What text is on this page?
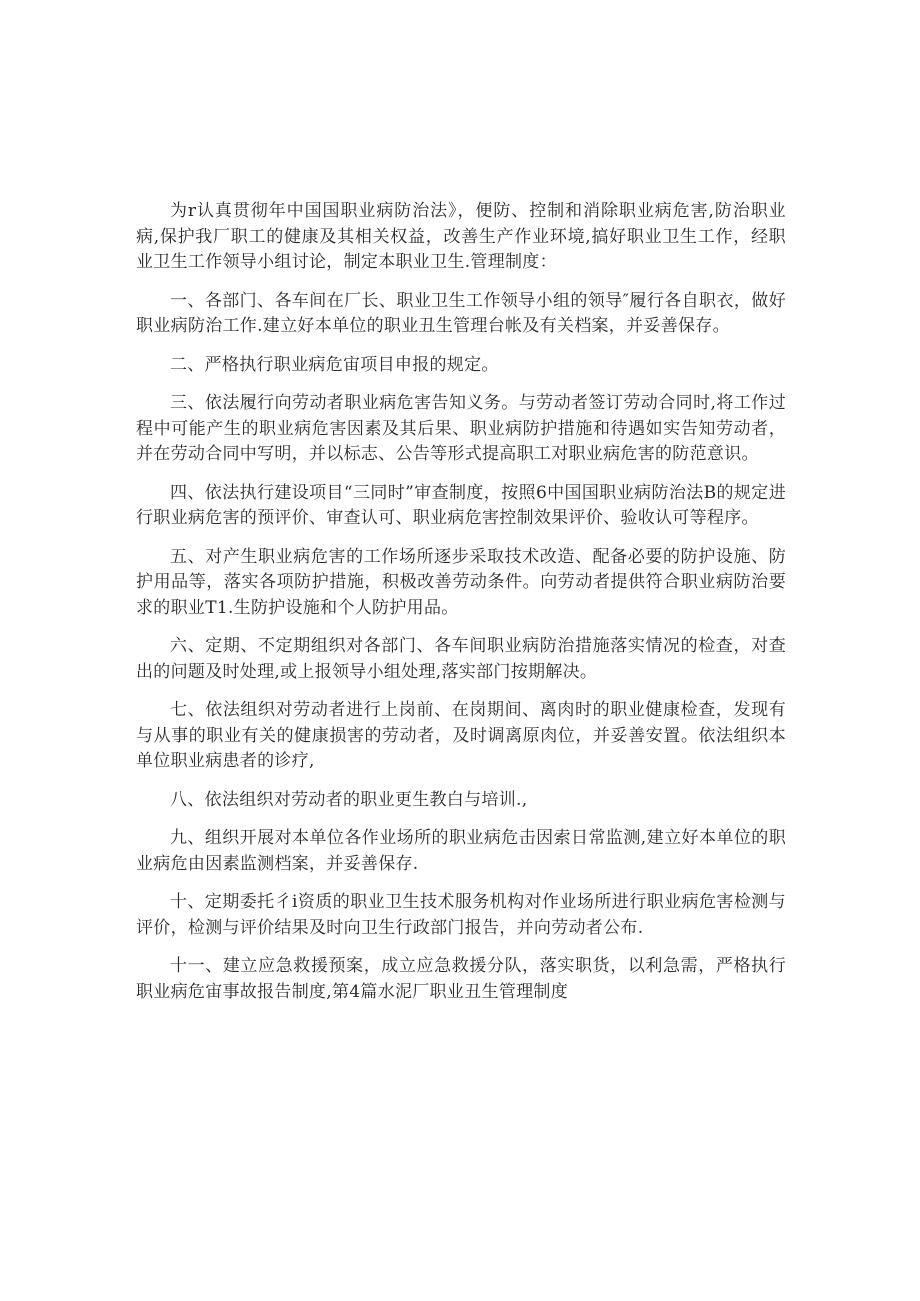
为r认真贯彻年中国国职业病防治法》，便防、控制和消除职业病危害,防治职业病,保护我厂职工的健康及其相关权益，改善生产作业环境,搞好职业卫生工作，经职业卫生工作领导小组讨论，制定本职业卫生.管理制度：

一、各部门、各车间在厂长、职业卫生工作领导小组的领导″履行各自职衣，做好职业病防治工作.建立好本单位的职业丑生管理台帐及有关档案，并妥善保存。

二、严格执行职业病危宙项目申报的规定。

三、依法履行向劳动者职业病危害告知义务。与劳动者签订劳动合同时,将工作过程中可能产生的职业病危害因素及其后果、职业病防护措施和待遇如实告知劳动者，并在劳动合同中写明，并以标志、公告等形式提高职工对职业病危害的防范意识。

四、依法执行建设项目“三同时”审查制度，按照6中国国职业病防治法B的规定进行职业病危害的预评价、审查认可、职业病危害控制效果评价、验收认可等程序。

五、对产生职业病危害的工作场所逐步采取技术改造、配备必要的防护设施、防护用品等，落实各项防护措施，积极改善劳动条件。向劳动者提供符合职业病防治要求的职业T1.生防护设施和个人防护用品。

六、定期、不定期组织对各部门、各车间职业病防治措施落实情况的检查，对查出的问题及时处理,或上报领导小组处理,落实部门按期解决。

七、依法组织对劳动者进行上岗前、在岗期间、离肉时的职业健康检查，发现有与从事的职业有关的健康损害的劳动者，及时调离原肉位，并妥善安置。依法组织本单位职业病患者的诊疗,

八、依法组织对劳动者的职业更生教白与培训.,

九、组织开展对本单位各作业场所的职业病危击因索日常监测,建立好本单位的职业病危由因素监测档案，并妥善保存.

十、定期委托彳i资质的职业卫生技术服务机构对作业场所进行职业病危害检测与评价，检测与评价结果及时向卫生行政部门报告，并向劳动者公布.

十一、建立应急救援预案，成立应急救援分队，落实职货，以利急需，严格执行职业病危宙事故报告制度,第4篇水泥厂职业丑生管理制度
